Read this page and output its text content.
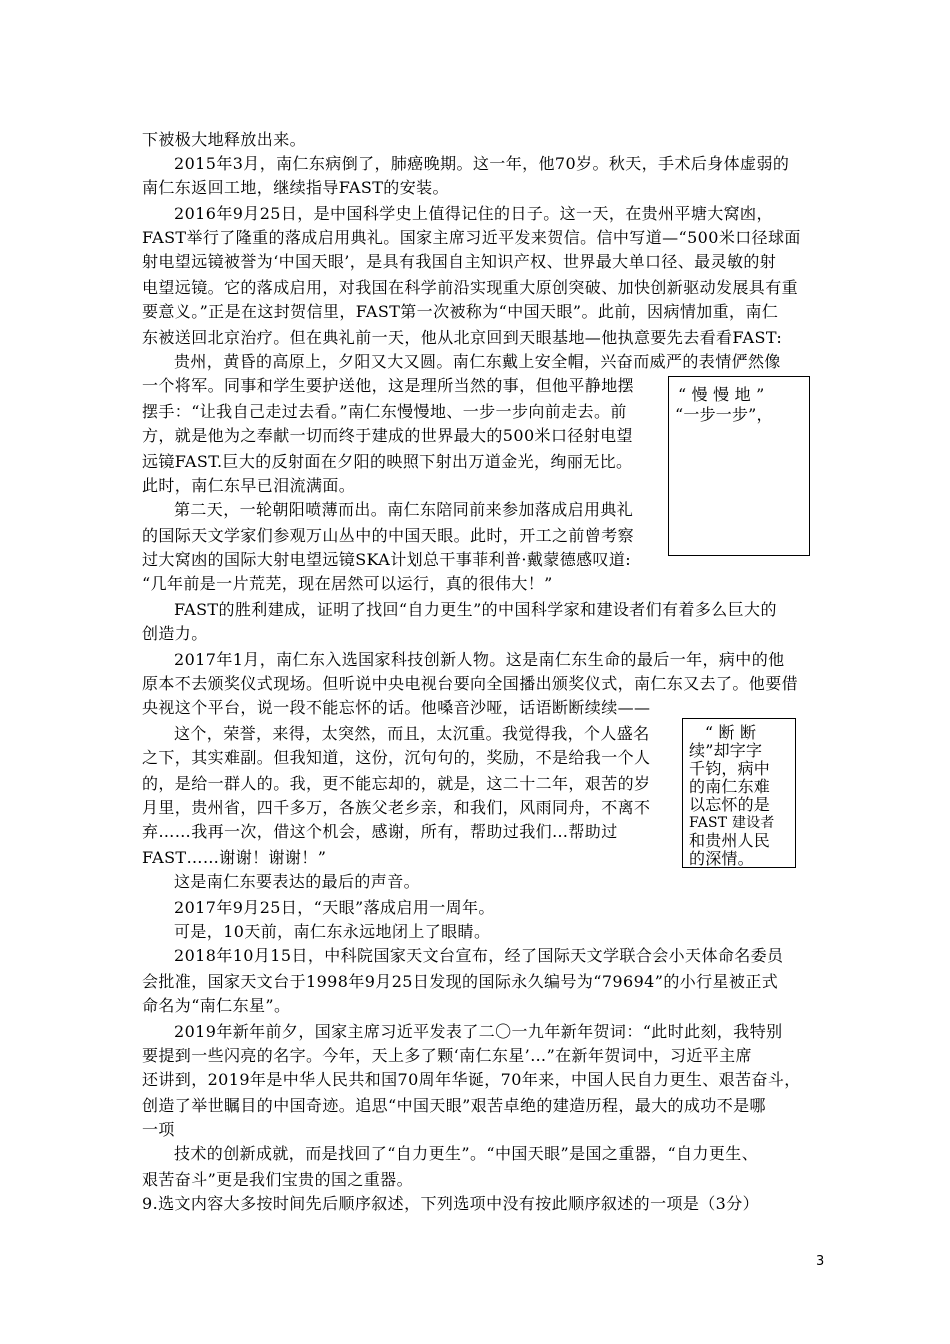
下被极大地释放出来。
2015年3月，南仁东病倒了，肺癌晚期。这一年，他70岁。秋天，手术后身体虚弱的
南仁东返回工地，继续指导FAST的安装。
2016年9月25日，是中国科学史上值得记住的日子。这一天，在贵州平塘大窝凼，
FAST举行了隆重的落成启用典礼。国家主席习近平发来贺信。信中写道—“500米口径球面
射电望远镜被誉为‘中国天眼’，是具有我国自主知识产权、世界最大单口径、最灵敏的射
电望远镜。它的落成启用，对我国在科学前沿实现重大原创突破、加快创新驱动发展具有重
要意义。”正是在这封贺信里，FAST第一次被称为“中国天眼”。此前，因病情加重，南仁
东被送回北京治疗。但在典礼前一天，他从北京回到天眼基地—他执意要先去看看FAST:
贵州，黄昏的高原上，夕阳又大又圆。南仁东戴上安全帽，兴奋而威严的表情俨然像
一个将军。同事和学生要护送他，这是理所当然的事，但他平静地摆
摆手：“让我自己走过去看。”南仁东慢慢地、一步一步向前走去。前
方，就是他为之奉献一切而终于建成的世界最大的500米口径射电望
远镜FAST.巨大的反射面在夕阳的映照下射出万道金光，绚丽无比。
此时，南仁东早已泪流满面。
第二天，一轮朝阳喷薄而出。南仁东陪同前来参加落成启用典礼
的国际天文学家们参观万山丛中的中国天眼。此时，开工之前曾考察
过大窝凼的国际大射电望远镜SKA计划总干事菲利普·戴蒙德感叹道:
“几年前是一片荒芜，现在居然可以运行，真的很伟大！”
FAST的胜利建成，证明了找回“自力更生”的中国科学家和建设者们有着多么巨大的
创造力。
2017年1月，南仁东入选国家科技创新人物。这是南仁东生命的最后一年，病中的他
原本不去颁奖仪式现场。但听说中央电视台要向全国播出颁奖仪式，南仁东又去了。他要借
央视这个平台，说一段不能忘怀的话。他嗓音沙哑，话语断断续续——
这个，荣誉，来得，太突然，而且，太沉重。我觉得我，个人盛名
之下，其实难副。但我知道，这份，沉句句的，奖励，不是给我一个人
的，是给一群人的。我，更不能忘却的，就是，这二十二年，艰苦的岁
月里，贵州省，四千多万，各族父老乡亲，和我们，风雨同舟，不离不
弃……我再一次，借这个机会，感谢，所有，帮助过我们…帮助过
FAST……谢谢！谢谢！”
这是南仁东要表达的最后的声音。
2017年9月25日，“天眼”落成启用一周年。
可是，10天前，南仁东永远地闭上了眼睛。
2018年10月15日，中科院国家天文台宣布，经了国际天文学联合会小天体命名委员
会批准，国家天文台于1998年9月25日发现的国际永久编号为“79694”的小行星被正式
命名为“南仁东星”。
2019年新年前夕，国家主席习近平发表了二〇一九年新年贺词：“此时此刻，我特别
要提到一些闪亮的名字。今年，天上多了颗‘南仁东星’…”在新年贺词中，习近平主席
还讲到，2019年是中华人民共和国70周年华诞，70年来，中国人民自力更生、艰苦奋斗，
创造了举世瞩目的中国奇迹。追思“中国天眼”艰苦卓绝的建造历程，最大的成功不是哪
一项
技术的创新成就，而是找回了“自力更生”。“中国天眼”是国之重器，“自力更生、
艰苦奋斗”更是我们宝贵的国之重器。
9.选文内容大多按时间先后顺序叙述，下列选项中没有按此顺序叙述的一项是（3分）
“ 慢 慢 地 ”
“一步一步”，
“ 断 断
续”却字字
千钧，病中
的南仁东难
以忘怀的是
FAST 建设者
和贵州人民
的深情。
3
